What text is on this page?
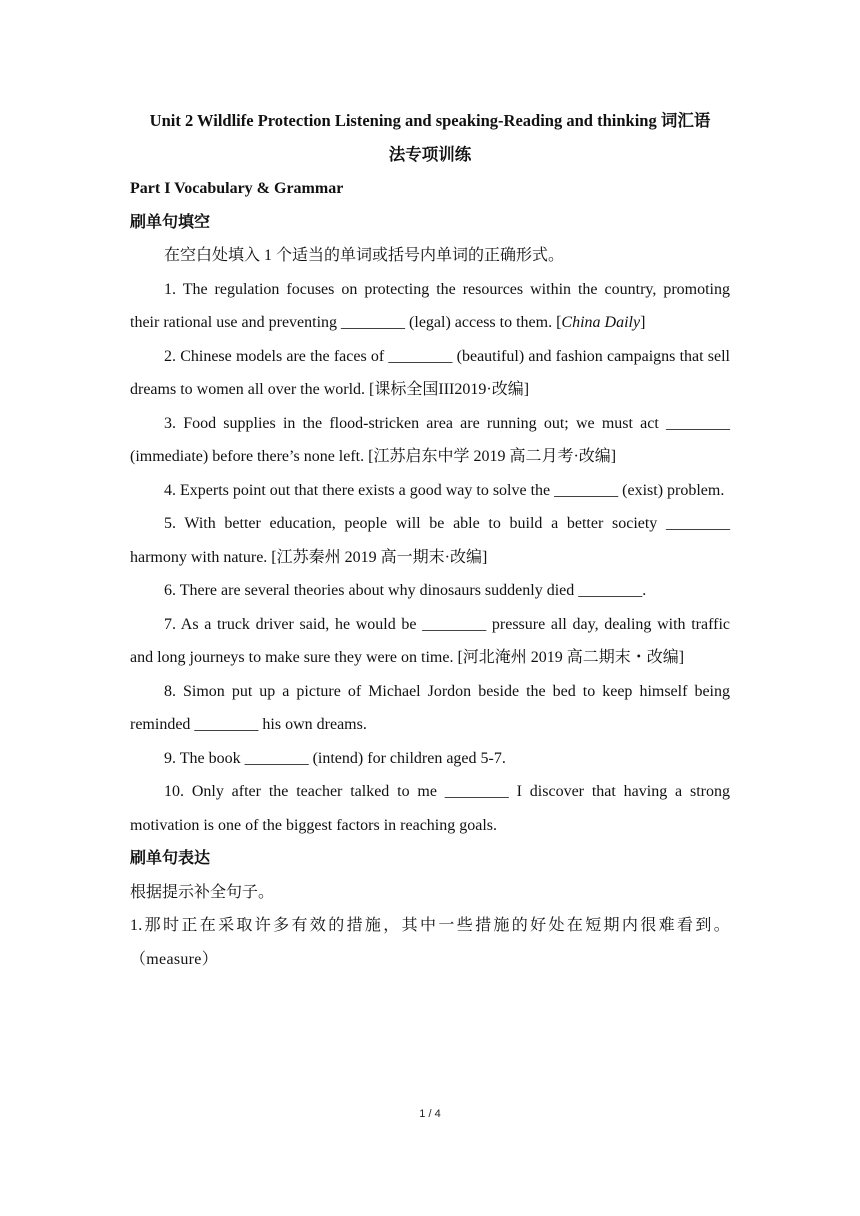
Unit 2 Wildlife Protection Listening and speaking-Reading and thinking 词汇语
法专项训练
Part I Vocabulary & Grammar
刷单句填空
在空白处填入 1 个适当的单词或括号内单词的正确形式。
1. The regulation focuses on protecting the resources within the country, promoting their rational use and preventing ________ (legal) access to them. [China Daily]
2. Chinese models are the faces of ________ (beautiful) and fashion campaigns that sell dreams to women all over the world. [课标全国III2019·改编]
3. Food supplies in the flood-stricken area are running out; we must act ________ (immediate) before there’s none left. [江苏启东中学 2019 高二月考·改编]
4. Experts point out that there exists a good way to solve the ________ (exist) problem.
5. With better education, people will be able to build a better society ________ harmony with nature. [江苏秦州 2019 高一期末·改编]
6. There are several theories about why dinosaurs suddenly died ________.
7. As a truck driver said, he would be ________ pressure all day, dealing with traffic and long journeys to make sure they were on time. [河北淹州 2019 高二期末・改编]
8. Simon put up a picture of Michael Jordon beside the bed to keep himself being reminded ________ his own dreams.
9. The book ________ (intend) for children aged 5-7.
10. Only after the teacher talked to me ________ I discover that having a strong motivation is one of the biggest factors in reaching goals.
刷单句表达
根据提示补全句子。
1.那时正在采取许多有效的措施，其中一些措施的好处在短期内很难看到。（measure）
1 / 4
